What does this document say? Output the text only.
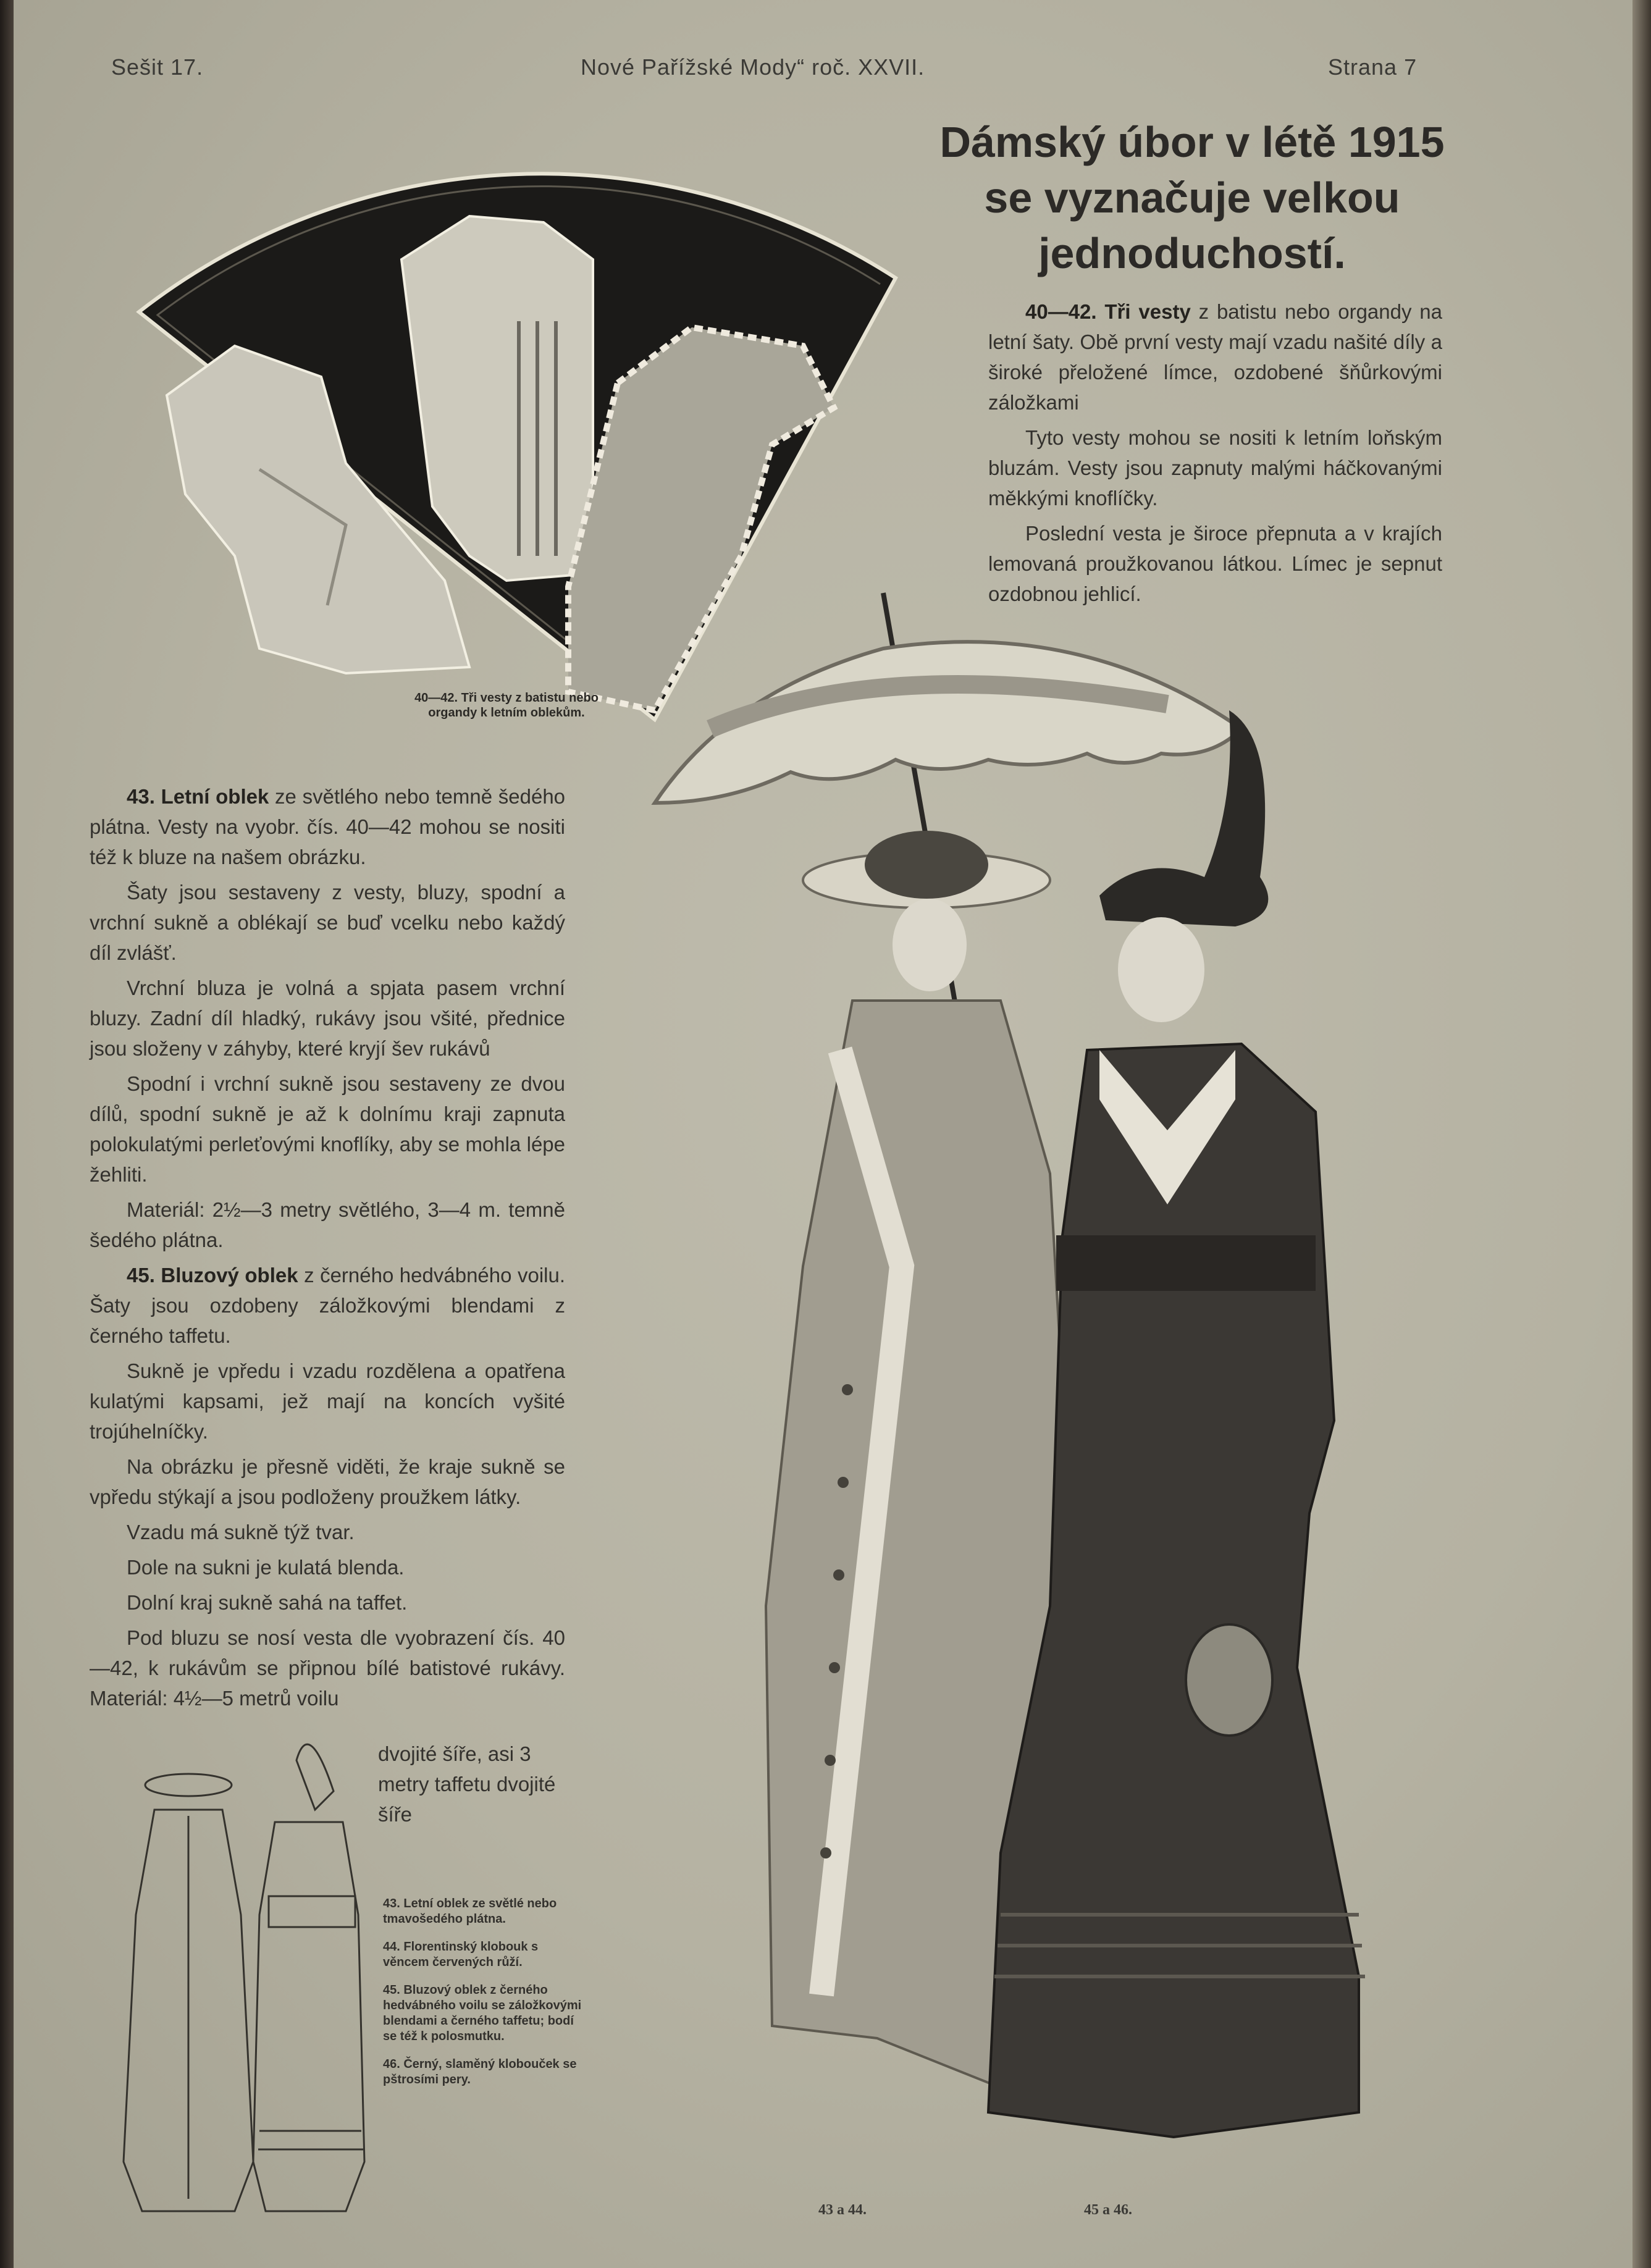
Sešit 17.	Nové Pařížské Mody“ roč. XXVII.	Strana 7
Dámský úbor v létě 1915 se vyznačuje velkou jednoduchostí.
40—42. Tři vesty z batistu nebo organdy k letním oblekům.

40—42. Tři vesty z batistu nebo organdy na letní šaty. Obě první vesty mají vzadu našité díly a široké přeložené límce, ozdobené šňůrkovými záložkami

Tyto vesty mohou se nositi k letním loňským bluzám. Vesty jsou zapnuty malými háčkovanými měkkými knoflíčky.

Poslední vesta je široce přepnuta a v krajích lemovaná proužkovanou látkou. Límec je sepnut ozdobnou jehlicí.

43. Letní oblek ze světlého nebo temně šedého plátna. Vesty na vyobr. čís. 40—42 mohou se nositi též k bluze na našem obrázku.

Šaty jsou sestaveny z vesty, bluzy, spodní a vrchní sukně a oblékají se buď vcelku nebo každý díl zvlášť.

Vrchní bluza je volná a spjata pasem vrchní bluzy. Zadní díl hladký, rukávy jsou všité, přednice jsou složeny v záhyby, které kryjí šev rukávů

Spodní i vrchní sukně jsou sestaveny ze dvou dílů, spodní sukně je až k dolnímu kraji zapnuta polokulatými perleťovými knoflíky, aby se mohla lépe žehliti.

Materiál: 2½—3 metry světlého, 3—4 m. temně šedého plátna.

45. Bluzový oblek z černého hedvábného voilu. Šaty jsou ozdobeny záložkovými blendami z černého taffetu.

Sukně je vpředu i vzadu rozdělena a opatřena kulatými kapsami, jež mají na koncích vyšité trojúhelníčky.

Na obrázku je přesně viděti, že kraje sukně se vpředu stýkají a jsou podloženy proužkem látky.

Vzadu má sukně týž tvar.

Dole na sukni je kulatá blenda.

Dolní kraj sukně sahá na taffet.

Pod bluzu se nosí vesta dle vyobrazení čís. 40—42, k rukávům se připnou bílé batistové rukávy. Materiál: 4½—5 metrů voilu

dvojité šíře, asi 3 metry taffetu dvojité šíře

43. Letní oblek ze světlé nebo tmavošedého plátna.

44. Florentinský klobouk s věncem červených růží.

45. Bluzový oblek z černého hedvábného voilu se záložkovými blendami a černého taffetu; bodí se též k polosmutku.

46. Černý, slaměný klobouček se pštrosími pery.

43 a 44.	45 a 46.
